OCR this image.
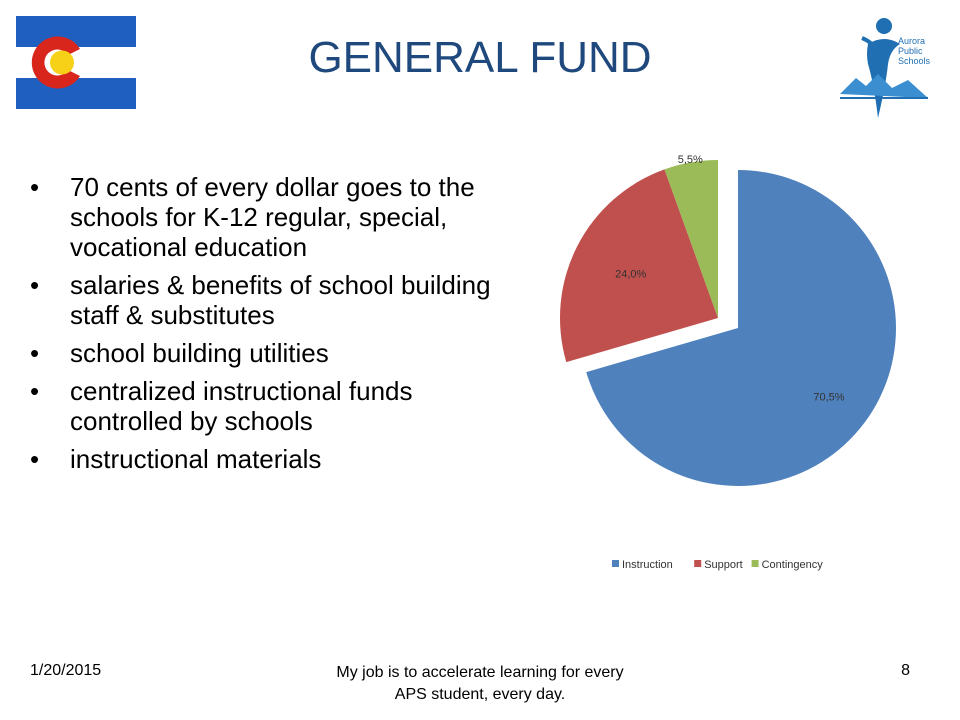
Aurora
Public
Schools
GENERAL FUND
•	70 cents of every dollar goes to the schools for K-12 regular, special, vocational education
•	salaries & benefits of school building staff & substitutes
•	school building utilities
•	centralized instructional funds controlled by schools
•	instructional materials
70,5%
24,0%
5,5%
Instruction	Support Contingency
1/20/2015	My job is to accelerate learning for every APS student, every day.
8
